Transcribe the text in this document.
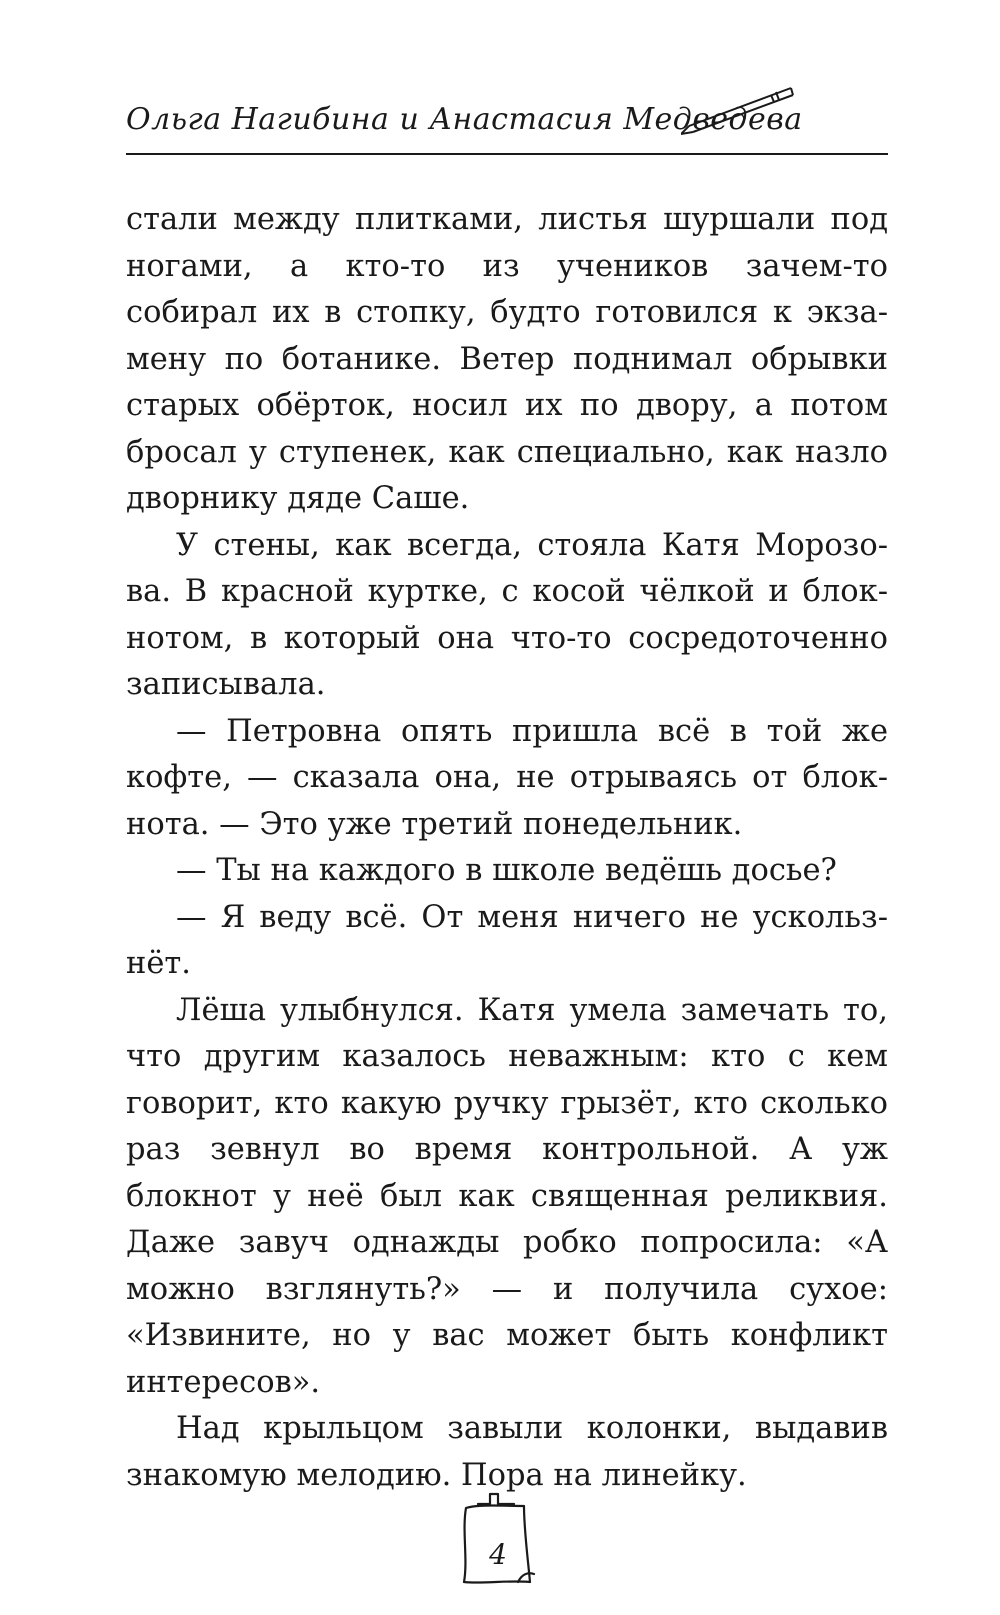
Ольга Нагибина и Анастасия Медведева

стали между плитками, листья шуршали под ногами, а кто-то из учеников зачем-то собирал их в стопку, будто готовился к экзамену по ботанике. Ветер поднимал обрывки старых обёрток, носил их по двору, а потом бросал у ступенек, как специально, как назло дворнику дяде Саше.

У стены, как всегда, стояла Катя Морозова. В красной куртке, с косой чёлкой и блокнотом, в который она что-то сосредоточенно записывала.

— Петровна опять пришла всё в той же кофте, — сказала она, не отрываясь от блокнота. — Это уже третий понедельник.

— Ты на каждого в школе ведёшь досье?

— Я веду всё. От меня ничего не ускользнёт.

Лёша улыбнулся. Катя умела замечать то, что другим казалось неважным: кто с кем говорит, кто какую ручку грызёт, кто сколько раз зевнул во время контрольной. А уж блокнот у неё был как священная реликвия. Даже завуч однажды робко попросила: «А можно взглянуть?» — и получила сухое: «Извините, но у вас может быть конфликт интересов».

Над крыльцом завыли колонки, выдавив знакомую мелодию. Пора на линейку.

4
